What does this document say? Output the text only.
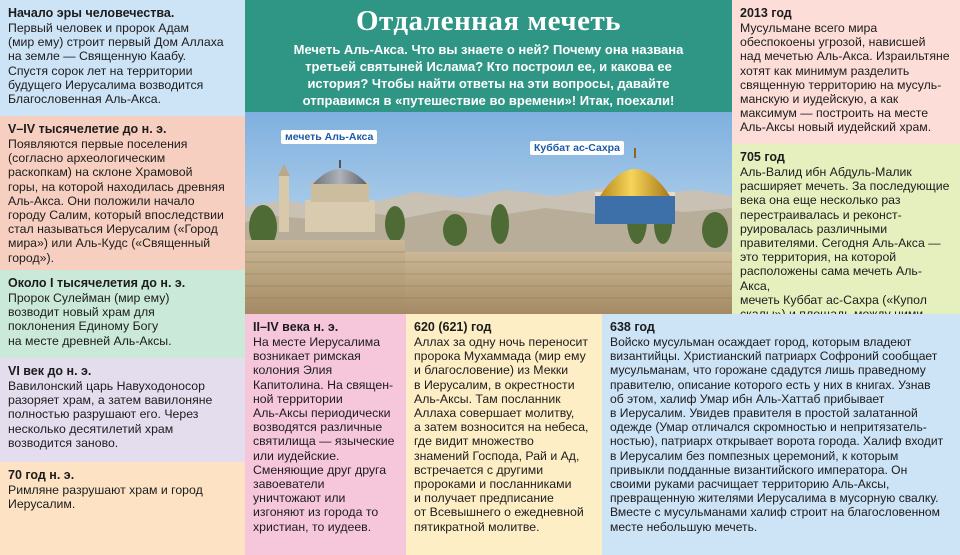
Начало эры человечества.

Первый человек и пророк Адам
(мир ему) строит первый Дом Аллаха
на земле — Священную Каабу.
Спустя сорок лет на территории
будущего Иерусалима возводится
Благословенная Аль-Акса.

V–IV тысячелетие до н. э.

Появляются первые поселения
(согласно археологическим
раскопкам) на склоне Храмовой
горы, на которой находилась древняя
Аль-Акса. Они положили начало
городу Салим, который впоследствии
стал называться Иерусалим («Город
мира») или Аль-Кудс («Священный
город»).

Около I тысячелетия до н. э.

Пророк Сулейман (мир ему)
возводит новый храм для
поклонения Единому Богу
на месте древней Аль-Аксы.

VI век до н. э.

Вавилонский царь Навуходоносор
разоряет храм, а затем вавилоняне
полностью разрушают его. Через
несколько десятилетий храм
возводится заново.

70 год н. э.

Римляне разрушают храм и город
Иерусалим.

Отдаленная мечеть
Мечеть Аль-Акса. Что вы знаете о ней? Почему она названа
третьей святыней Ислама? Кто построил ее, и какова ее
история? Чтобы найти ответы на эти вопросы, давайте
отправимся в «путешествие во времени»! Итак, поехали!
мечеть Аль-Акса
Куббат ас-Сахра
2013 год

Мусульмане всего мира
обеспокоены угрозой, нависшей
над мечетью Аль-Акса. Израильтяне
хотят как минимум разделить
священную территорию на мусуль-
манскую и иудейскую, а как
максимум — построить на месте
Аль-Аксы новый иудейский храм.

705 год

Аль-Валид ибн Абдуль-Малик
расширяет мечеть. За последующие
века она еще несколько раз
перестраивалась и реконст-
руировалась различными
правителями. Сегодня Аль-Акса —
это территория, на которой
расположены сама мечеть Аль-Акса,
мечеть Куббат ас-Сахра («Купол

II–IV века н. э.

На месте Иерусалима
возникает римская
колония Элия
Капитолина. На священ-
ной территории
Аль-Аксы периодически
возводятся различные
святилища — языческие
или иудейские.
Сменяющие друг друга
завоеватели
уничтожают или
изгоняют из города то
христиан, то иудеев.

620 (621) год

Аллах за одну ночь переносит
пророка Мухаммада (мир ему
и благословение) из Мекки
в Иерусалим, в окрестности
Аль-Аксы. Там посланник
Аллаха совершает молитву,
а затем возносится на небеса,
где видит множество
знамений Господа, Рай и Ад,
встречается с другими
пророками и посланниками
и получает предписание
от Всевышнего о ежедневной
пятикратной молитве.

638 год

Войско мусульман осаждает город, которым владеют
византийцы. Христианский патриарх Софроний сообщает
мусульманам, что горожане сдадутся лишь праведному
правителю, описание которого есть у них в книгах. Узнав
об этом, халиф Умар ибн Аль-Хаттаб прибывает
в Иерусалим. Увидев правителя в простой залатанной
одежде (Умар отличался скромностью и непритязатель-
ностью), патриарх открывает ворота города. Халиф входит
в Иерусалим без помпезных церемоний, к которым
привыкли подданные византийского императора. Он
своими руками расчищает территорию Аль-Аксы,
превращенную жителями Иерусалима в мусорную свалку.
Вместе с мусульманами халиф строит на благословенном
месте небольшую мечеть.
